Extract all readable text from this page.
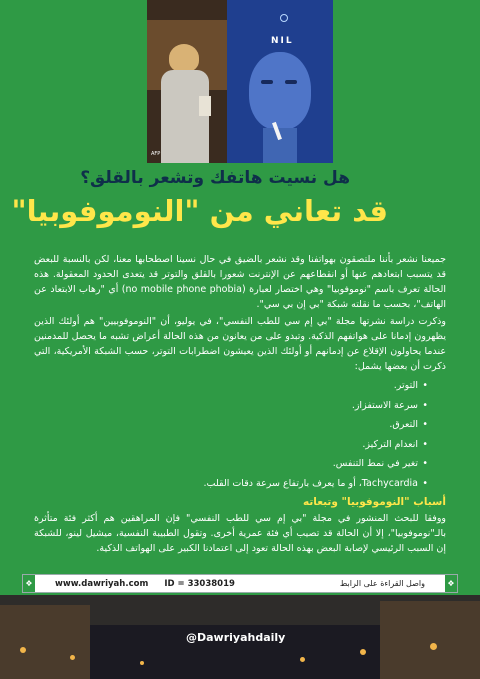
NIL
AFP
هل نسيت هاتفك وتشعر بالقلق؟
قد تعاني من "النوموفوبيا"

جميعنا نشعر بأننا ملتصقون بهواتفنا وقد نشعر بالضيق في حال نسينا اصطحابها معنا، لكن بالنسبة للبعض قد يتسبب ابتعادهم عنها أو انقطاعهم عن الإنترنت شعورا بالقلق والتوتر قد يتعدى الحدود المعقولة. هذه الحالة تعرف باسم "نوموفوبيا" وهي اختصار لعبارة (no mobile phone phobia) أي "رهاب الابتعاد عن الهاتف"، بحسب ما نقلته شبكة "بي إن بي سي".

وذكرت دراسة نشرتها مجلة "بي إم سي للطب النفسي"، في يوليو، أن "النوموفوبيين" هم أولئك الذين يظهرون إدمانا على هواتفهم الذكية. وتبدو على من يعانون من هذه الحالة أعراض تشبه ما يحصل للمدمنين عندما يحاولون الإقلاع عن إدمانهم أو أولئك الذين يعيشون اضطرابات التوتر، حسب الشبكة الأمريكية، التي ذكرت أن بعضها يشمل:

• التوتر.
• سرعة الاستفزاز.
• التعرق.
• انعدام التركيز.
• تغير في نمط التنفس.
• Tachycardia، أو ما يعرف بارتفاع سرعة دقات القلب.
أسباب "النوموفوبيا" وتبعاته

ووفقا للبحث المنشور في مجلة "بي إم سي للطب النفسي" فإن المراهقين هم أكثر فئة متأثرة بالـ"نوموفوبيا"، إلا أن الحالة قد تصيب أي فئة عمرية أخرى. وتقول الطبيبة النفسية، ميشيل لينو، للشبكة إن السبب الرئيسي لإصابة البعض بهذه الحالة تعود إلى اعتمادنا الكبير على الهواتف الذكية.

❖
واصل القراءة على الرابط
www.dawriyah.com ID = 33038019
❖
@Dawriyahdaily
